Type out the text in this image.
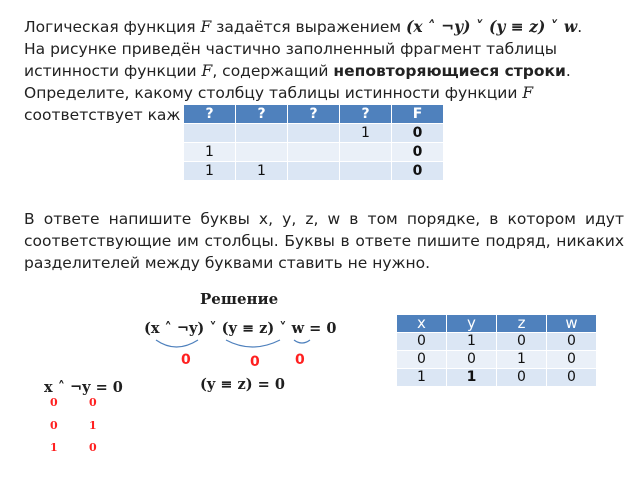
Логическая функция F задаётся выражением (x ˄ ¬y) ˅ (y ≡ z) ˅ w.
На рисунке приведён частично заполненный фрагмент таблицы
истинности функции F, содержащий неповторяющиеся строки.
Определите, какому столбцу таблицы истинности функции F
соответствует каж	?	?	?	?	F
			1	0
1				0
1	1			0
В ответе напишите буквы x, y, z, w в том порядке, в котором идут соответствующие им столбцы. Буквы в ответе пишите подряд, никаких разделителей между буквами ставить не нужно.
Решение
(x ˄ ¬y) ˅ (y ≡ z) ˅ w = 0
0	0	0
x ˄ ¬y = 0	(y ≡ z) = 0
0	0
0	1
1	0
x	y	z	w
0	1	0	0
0	0	1	0
1	1	0	0
